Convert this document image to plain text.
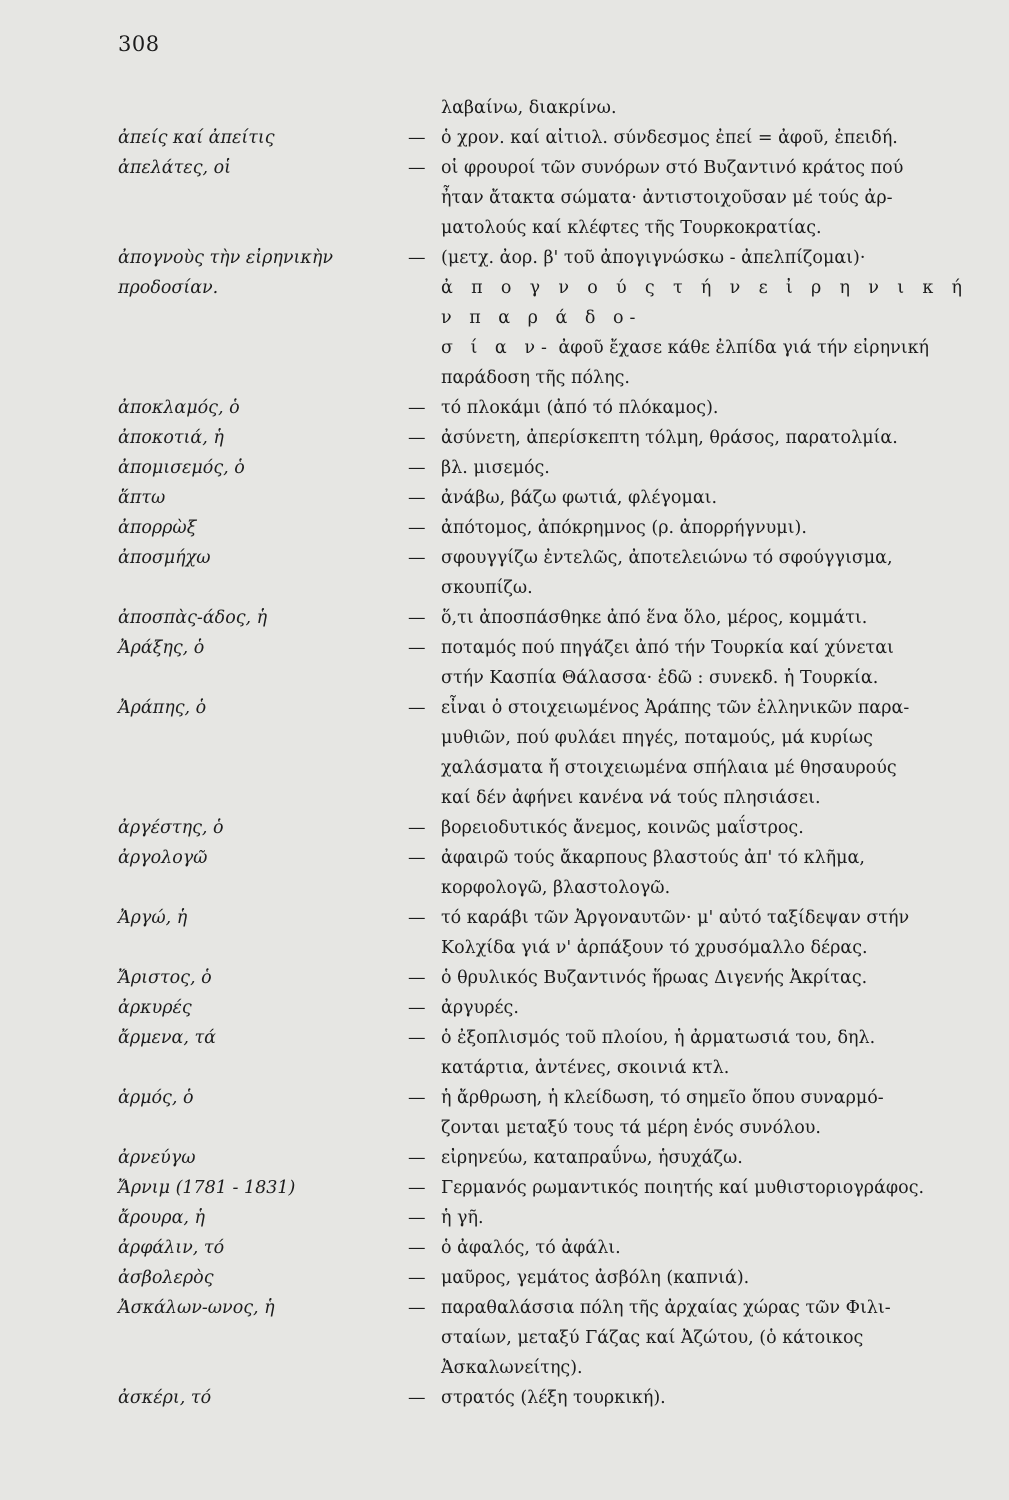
308
λαβαίνω, διακρίνω.
ἀπείς καί ἀπείτις	— ὁ χρον. καί αἰτιολ. σύνδεσμος ἐπεί = ἀφοῦ, ἐπειδή.
ἀπελάτες, οἱ	— οἱ φρουροί τῶν συνόρων στό Βυζαντινό κράτος πού
ἦταν ἄτακτα σώματα· ἀντιστοιχοῦσαν μέ τούς ἀρ-
ματολούς καί κλέφτες τῆς Τουρκοκρατίας.
ἀπογνοὺς τὴν εἰρηνικὴν
προδοσίαν.
— (μετχ. ἀορ. β' τοῦ ἀπογιγνώσκω - ἀπελπίζομαι)·
ἀ π ο γ ν ο ύ ς τ ή ν ε ἰ ρ η ν ι κ ή ν π α ρ ά δ ο-
σ ί α ν- ἀφοῦ ἔχασε κάθε ἐλπίδα γιά τήν εἰρηνική
παράδοση τῆς πόλης.
ἀποκλαμός, ὁ	— τό πλοκάμι (ἀπό τό πλόκαμος).
ἀποκοτιά, ἡ	— ἀσύνετη, ἀπερίσκεπτη τόλμη, θράσος, παρατολμία.
ἀπομισεμός, ὁ	— βλ. μισεμός.
ἅπτω	— ἀνάβω, βάζω φωτιά, φλέγομαι.
ἀπορρὼξ	— ἀπότομος, ἀπόκρημνος (ρ. ἀπορρήγνυμι).
ἀποσμήχω	— σφουγγίζω ἐντελῶς, ἀποτελειώνω τό σφούγγισμα,
σκουπίζω.
ἀποσπὰς-άδος, ἡ	— ὅ,τι ἀποσπάσθηκε ἀπό ἕνα ὅλο, μέρος, κομμάτι.
Ἀράξης, ὁ	— ποταμός πού πηγάζει ἀπό τήν Τουρκία καί χύνεται
στήν Κασπία Θάλασσα· ἐδῶ : συνεκδ. ἡ Τουρκία.
Ἀράπης, ὁ	— εἶναι ὁ στοιχειωμένος Ἀράπης τῶν ἑλληνικῶν παρα-
μυθιῶν, πού φυλάει πηγές, ποταμούς, μά κυρίως
χαλάσματα ἤ στοιχειωμένα σπήλαια μέ θησαυρούς
καί δέν ἀφήνει κανένα νά τούς πλησιάσει.
ἀργέστης, ὁ	— βορειοδυτικός ἄνεμος, κοινῶς μαΐστρος.
ἀργολογῶ	— ἀφαιρῶ τούς ἄκαρπους βλαστούς ἀπ' τό κλῆμα,
κορφολογῶ, βλαστολογῶ.
Ἀργώ, ἡ	— τό καράβι τῶν Ἀργοναυτῶν· μ' αὐτό ταξίδεψαν στήν
Κολχίδα γιά ν' ἁρπάξουν τό χρυσόμαλλο δέρας.
Ἄριστος, ὁ	— ὁ θρυλικός Βυζαντινός ἥρωας Διγενής Ἀκρίτας.
ἀρκυρές	— ἀργυρές.
ἄρμενα, τά	— ὁ ἐξοπλισμός τοῦ πλοίου, ἡ ἀρματωσιά του, δηλ.
κατάρτια, ἀντένες, σκοινιά κτλ.
ἁρμός, ὁ	— ἡ ἄρθρωση, ἡ κλείδωση, τό σημεῖο ὅπου συναρμό-
ζονται μεταξύ τους τά μέρη ἑνός συνόλου.
ἀρνεύγω	— εἰρηνεύω, καταπραΰνω, ἡσυχάζω.
Ἄρνιμ (1781 - 1831)	— Γερμανός ρωμαντικός ποιητής καί μυθιστοριογράφος.
ἄρουρα, ἡ	— ἡ γῆ.
ἀρφάλιν, τό	— ὁ ἀφαλός, τό ἀφάλι.
ἀσβολερὸς	— μαῦρος, γεμάτος ἀσβόλη (καπνιά).
Ἀσκάλων-ωνος, ἡ	— παραθαλάσσια πόλη τῆς ἀρχαίας χώρας τῶν Φιλι-
σταίων, μεταξύ Γάζας καί Ἀζώτου, (ὁ κάτοικος
Ἀσκαλωνείτης).
ἀσκέρι, τό	— στρατός (λέξη τουρκική).
